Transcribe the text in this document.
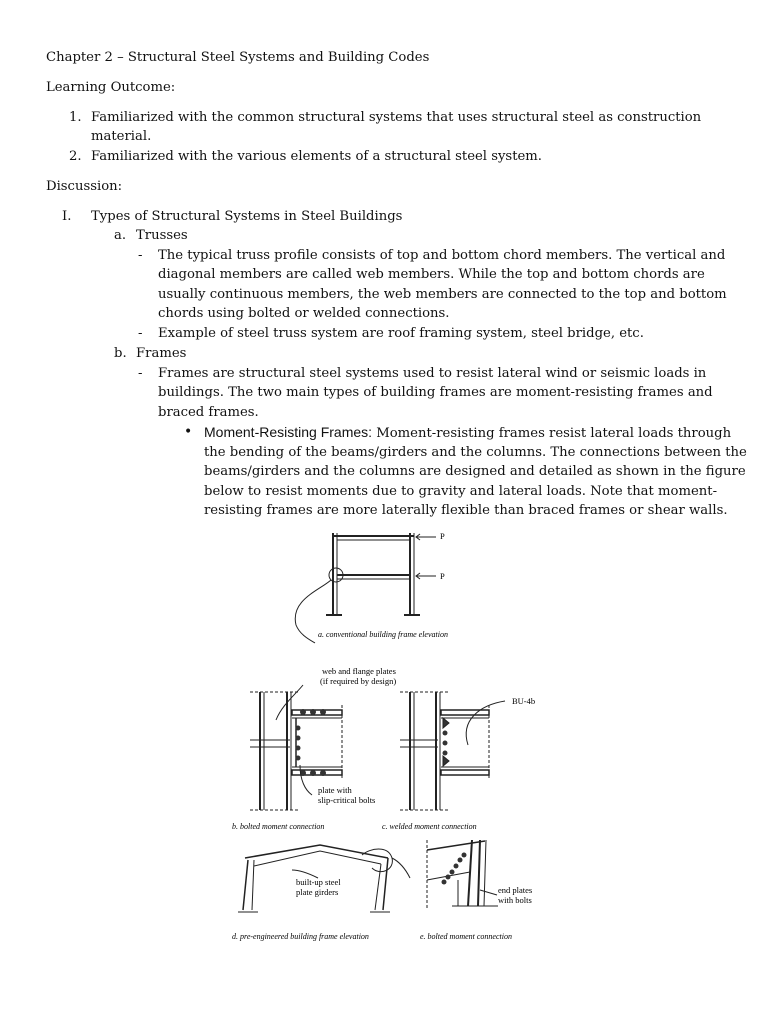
Chapter 2 – Structural Steel Systems and Building Codes
Learning Outcome:
1. Familiarized with the common structural systems that uses structural steel as construction
material.
2. Familiarized with the various elements of a structural steel system.
Discussion:
I. Types of Structural Systems in Steel Buildings
a. Trusses
- The typical truss profile consists of top and bottom chord members. The vertical and
diagonal members are called web members. While the top and bottom chords are
usually continuous members, the web members are connected to the top and bottom
chords using bolted or welded connections.
- Example of steel truss system are roof framing system, steel bridge, etc.
b. Frames
- Frames are structural steel systems used to resist lateral wind or seismic loads in
buildings. The two main types of building frames are moment-resisting frames and
braced frames.
• Moment-Resisting Frames: Moment-resisting frames resist lateral loads through
the bending of the beams/girders and the columns. The connections between the
beams/girders and the columns are designed and detailed as shown in the figure
below to resist moments due to gravity and lateral loads. Note that moment-
resisting frames are more laterally flexible than braced frames or shear walls.
P
P
a. conventional building frame elevation
web and flange plates
(if required by design)
BU-4b
plate with
slip-critical bolts
b. bolted moment connection	c. welded moment connection
built-up steel
plate girders	end plates
with bolts
d. pre-engineered building frame elevation	e. bolted moment connection
